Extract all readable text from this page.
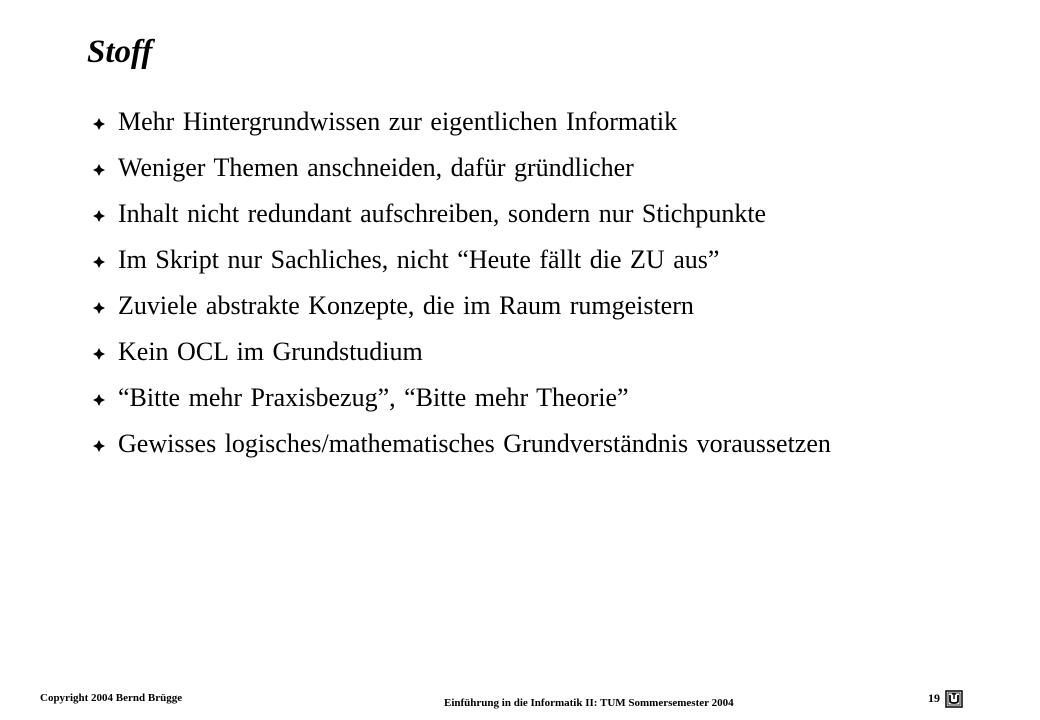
Stoff
Mehr Hintergrundwissen zur eigentlichen Informatik
Weniger Themen anschneiden, dafür gründlicher
Inhalt nicht redundant aufschreiben, sondern nur Stichpunkte
Im Skript nur Sachliches, nicht “Heute fällt die ZU aus”
Zuviele abstrakte Konzepte, die im Raum rumgeistern
Kein OCL im Grundstudium
“Bitte mehr Praxisbezug”, “Bitte mehr Theorie”
Gewisses logisches/mathematisches Grundverständnis voraussetzen
Copyright 2004 Bernd Brügge	Einführung in die Informatik II: TUM Sommersemester 2004	19
